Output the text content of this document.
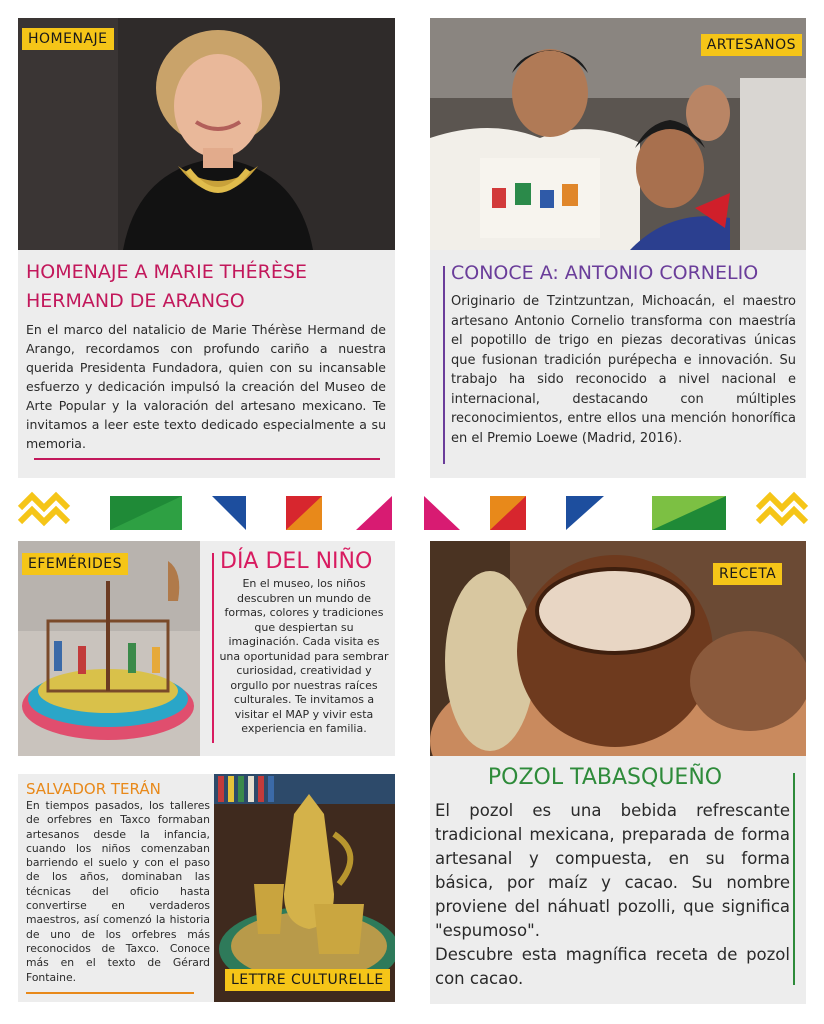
HOMENAJE
HOMENAJE A MARIE THÉRÈSE
HERMAND DE ARANGO
En el marco del natalicio de Marie Thérèse Hermand de Arango, recordamos con profundo cariño a nuestra querida Presidenta Fundadora, quien con su incansable esfuerzo y dedicación impulsó la creación del Museo de Arte Popular y la valoración del artesano mexicano. Te invitamos a leer este texto dedicado especialmente a su memoria.
ARTESANOS
CONOCE A: ANTONIO CORNELIO
Originario de Tzintzuntzan, Michoacán, el maestro artesano Antonio Cornelio transforma con maestría el popotillo de trigo en piezas decorativas únicas que fusionan tradición purépecha e innovación. Su trabajo ha sido reconocido a nivel nacional e internacional, destacando con múltiples reconocimientos, entre ellos una mención honorífica en el Premio Loewe (Madrid, 2016).
EFEMÉRIDES	DÍA DEL NIÑO
En el museo, los niños descubren un mundo de formas, colores y tradiciones que despiertan su imaginación. Cada visita es una oportunidad para sembrar curiosidad, creatividad y orgullo por nuestras raíces culturales. Te invitamos a visitar el MAP y vivir esta experiencia en familia.
RECETA
POZOL TABASQUEÑO
El pozol es una bebida refrescante tradicional mexicana, preparada de forma artesanal y compuesta, en su forma básica, por maíz y cacao. Su nombre proviene del náhuatl pozolli, que significa "espumoso".
Descubre esta magnífica receta de pozol con cacao.
SALVADOR TERÁN
En tiempos pasados, los talleres de orfebres en Taxco formaban artesanos desde la infancia, cuando los niños comenzaban barriendo el suelo y con el paso de los años, dominaban las técnicas del oficio hasta convertirse en verdaderos maestros, así comenzó la historia de uno de los orfebres más reconocidos de Taxco. Conoce más en el texto de Gérard Fontaine.	LETTRE CULTURELLE
